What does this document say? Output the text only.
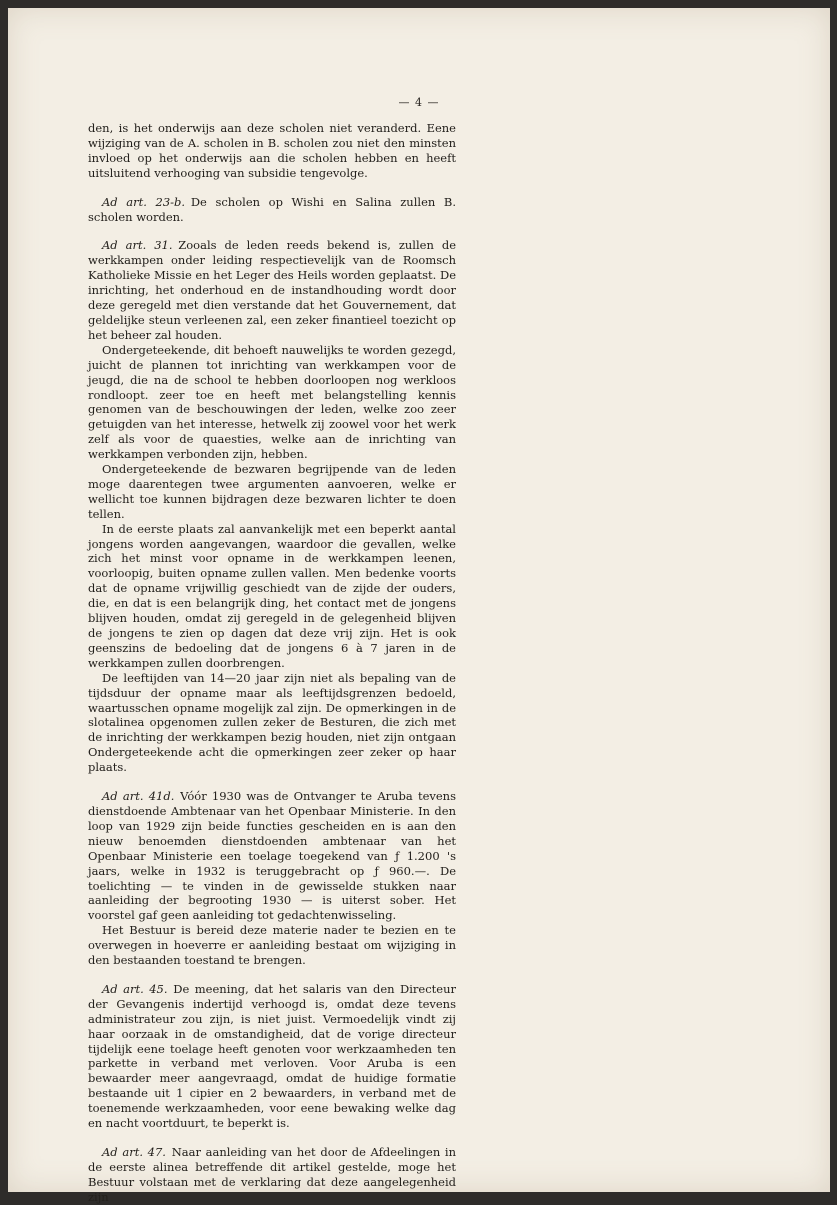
— 4 —

den, is het onderwijs aan deze scholen niet veranderd. Eene wijziging van de A. scholen in B. scholen zou niet den minsten invloed op het onderwijs aan die scholen hebben en heeft uitsluitend verhooging van subsidie tengevolge.

Ad art. 23-b.  De scholen op Wishi en Salina zullen B. scholen worden.

Ad art. 31.  Zooals de leden reeds bekend is, zullen de werkkampen onder leiding respectievelijk van de Roomsch Katholieke Missie en het Leger des Heils worden geplaatst. De inrichting, het onderhoud en de instandhouding wordt door deze geregeld met dien verstande dat het Gouvernement, dat geldelijke steun verleenen zal, een zeker finantieel toezicht op het beheer zal houden.

Ondergeteekende, dit behoeft nauwelijks te worden gezegd, juicht de plannen tot inrichting van werkkampen voor de jeugd, die na de school te hebben doorloopen nog werkloos rondloopt. zeer toe en heeft met belangstelling kennis genomen van de beschouwingen der leden, welke zoo zeer getuigden van het interesse, hetwelk zij zoowel voor het werk zelf als voor de quaesties, welke aan de inrichting van werkkampen verbonden zijn, hebben.

Ondergeteekende de bezwaren begrijpende van de leden moge daarentegen twee argumenten aanvoeren, welke er wellicht toe kunnen bijdragen deze bezwaren lichter te doen tellen.

In de eerste plaats zal aanvankelijk met een beperkt aantal jongens worden aangevangen, waardoor die gevallen, welke zich het minst voor opname in de werkkampen leenen, voorloopig, buiten opname zullen vallen. Men bedenke voorts dat de opname vrijwillig geschiedt van de zijde der ouders, die, en dat is een belangrijk ding, het contact met de jongens blijven houden, omdat zij geregeld in de gelegenheid blijven de jongens te zien op dagen dat deze vrij zijn. Het is ook geenszins de bedoeling dat de jongens 6 à 7 jaren in de werkkampen zullen doorbrengen.

De leeftijden van 14—20 jaar zijn niet als bepaling van de tijdsduur der opname maar als leeftijdsgrenzen bedoeld, waartusschen opname mogelijk zal zijn. De opmerkingen in de slotalinea opgenomen zullen zeker de Besturen, die zich met de inrichting der werkkampen bezig houden, niet zijn ontgaan Ondergeteekende acht die opmerkingen zeer zeker op haar plaats.

Ad art. 41d.  Vóór 1930 was de Ontvanger te Aruba tevens dienstdoende Ambtenaar van het Openbaar Ministerie. In den loop van 1929 zijn beide functies gescheiden en is aan den nieuw benoemden dienstdoenden ambtenaar van het Openbaar Ministerie een toelage toegekend van ƒ 1.200 's jaars, welke in 1932 is teruggebracht op ƒ 960.—. De toelichting — te vinden in de gewisselde stukken naar aanleiding der begrooting 1930 — is uiterst sober. Het voorstel gaf geen aanleiding tot gedachtenwisseling.

Het Bestuur is bereid deze materie nader te bezien en te overwegen in hoeverre er aanleiding bestaat om wijziging in den bestaanden toestand te brengen.

Ad art. 45.  De meening, dat het salaris van den Directeur der Gevangenis indertijd verhoogd is, omdat deze tevens administrateur zou zijn, is niet juist. Vermoedelijk vindt zij haar oorzaak in de omstandigheid, dat de vorige directeur tijdelijk eene toelage heeft genoten voor werkzaamheden ten parkette in verband met verloven. Voor Aruba is een bewaarder meer aangevraagd, omdat de huidige formatie bestaande uit 1 cipier en 2 bewaarders, in verband met de toenemende werkzaamheden, voor eene bewaking welke dag en nacht voortduurt, te beperkt is.

Ad art. 47.  Naar aanleiding van het door de Afdeelingen in de eerste alinea betreffende dit artikel gestelde, moge het Bestuur volstaan met de verklaring dat deze aangelegenheid zijn
